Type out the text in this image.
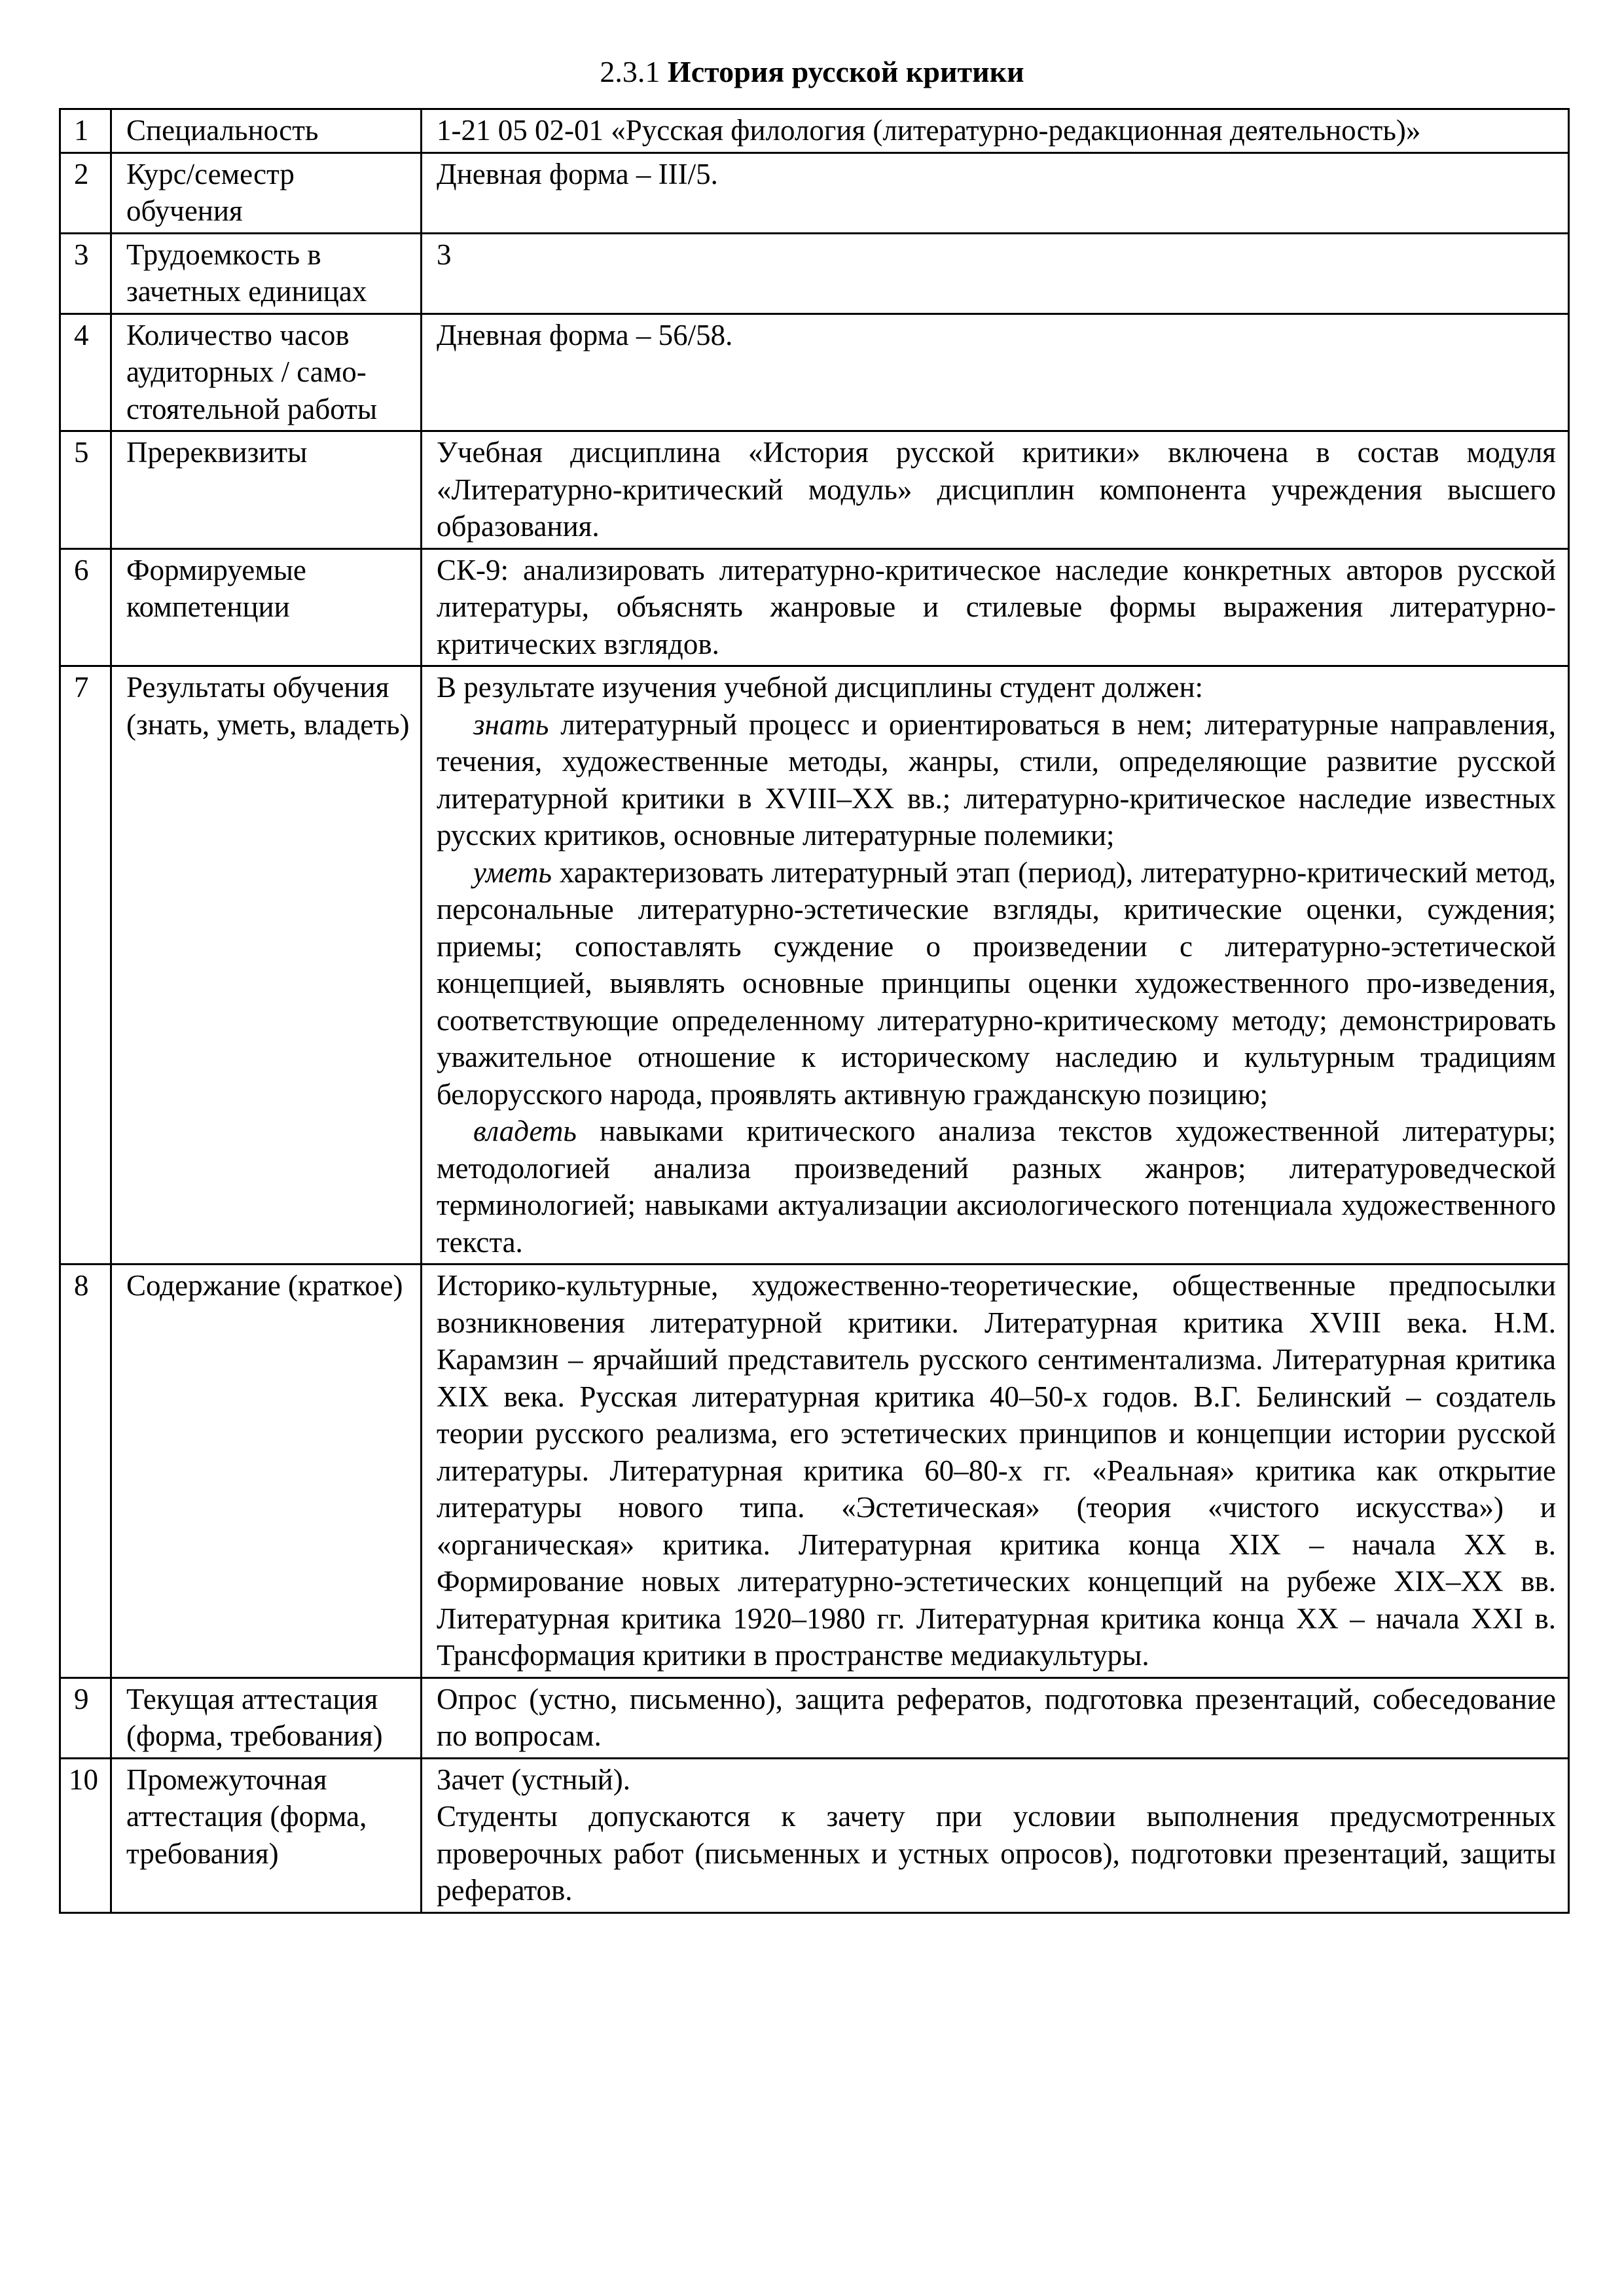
2.3.1 История русской критики
1	Специальность	1-21 05 02-01 «Русская филология (литературно-редакционная деятельность)»
2	Курс/семестр обучения	Дневная форма – III/5.
3	Трудоемкость в зачетных единицах	3
4	Количество часов аудиторных / само-стоятельной работы	Дневная форма – 56/58.
5	Пререквизиты	Учебная дисциплина «История русской критики» включена в состав модуля «Литературно-критический модуль» дисциплин компонента учреждения высшего образования.
6	Формируемые компетенции	СК-9: анализировать литературно-критическое наследие конкретных авторов русской литературы, объяснять жанровые и стилевые формы выражения литературно-критических взглядов.
7	Результаты обучения (знать, уметь, владеть)	В результате изучения учебной дисциплины студент должен:

знать литературный процесс и ориентироваться в нем; литературные направления, течения, художественные методы, жанры, стили, определяющие развитие русской литературной критики в XVIII–XX вв.; литературно-критическое наследие известных русских критиков, основные литературные полемики;

уметь характеризовать литературный этап (период), литературно-критический метод, персональные литературно-эстетические взгляды, критические оценки, суждения; приемы; сопоставлять суждение о произведении с литературно-эстетической концепцией, выявлять основные принципы оценки художественного про-изведения, соответствующие определенному литературно-критическому методу; демонстрировать уважительное отношение к историческому наследию и культурным традициям белорусского народа, проявлять активную гражданскую позицию;

владеть навыками критического анализа текстов художественной литературы; методологией анализа произведений разных жанров; литературоведческой терминологией; навыками актуализации аксиологического потенциала художественного текста.

8	Содержание (краткое)	Историко-культурные, художественно-теоретические, общественные предпосылки возникновения литературной критики. Литературная критика XVIII века. Н.М. Карамзин – ярчайший представитель русского сентиментализма. Литературная критика XIX века. Русская литературная критика 40–50-х годов. В.Г. Белинский – создатель теории русского реализма, его эстетических принципов и концепции истории русской литературы. Литературная критика 60–80-х гг. «Реальная» критика как открытие литературы нового типа. «Эстетическая» (теория «чистого искусства») и «органическая» критика. Литературная критика конца XIX – начала XX в. Формирование новых литературно-эстетических концепций на рубеже XIX–XX вв. Литературная критика 1920–1980 гг. Литературная критика конца XX – начала XXI в. Трансформация критики в пространстве медиакультуры.
9	Текущая аттестация (форма, требования)	Опрос (устно, письменно), защита рефератов, подготовка презентаций, собеседование по вопросам.
10	Промежуточная аттестация (форма, требования)	Зачет (устный).

Студенты допускаются к зачету при условии выполнения предусмотренных проверочных работ (письменных и устных опросов), подготовки презентаций, защиты рефератов.
